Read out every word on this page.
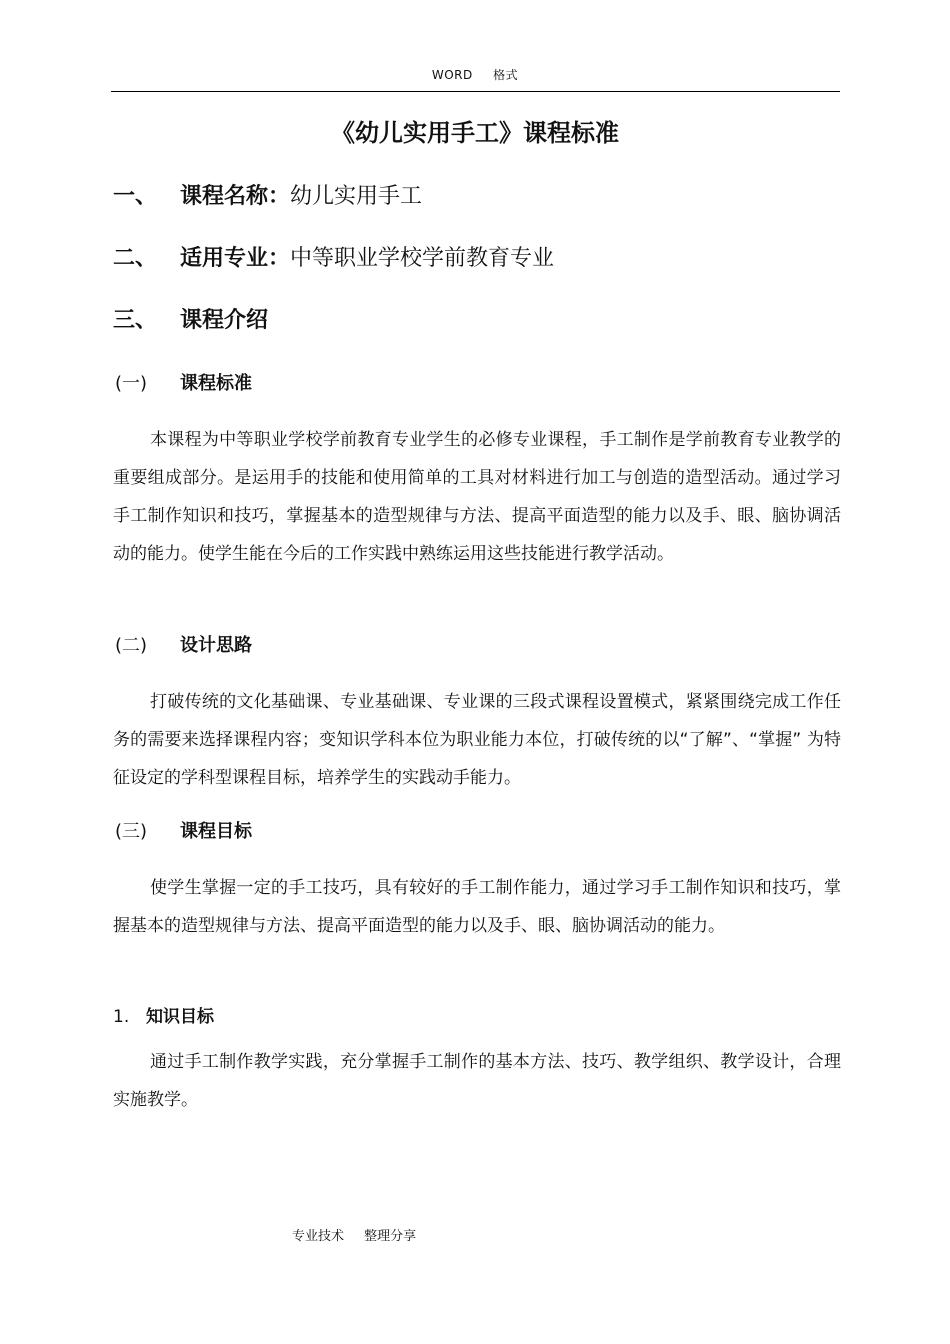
WORD 格式
《幼儿实用手工》课程标准
一、 课程名称：幼儿实用手工
二、 适用专业：中等职业学校学前教育专业
三、 课程介绍
(一) 课程标准
本课程为中等职业学校学前教育专业学生的必修专业课程，手工制作是学前教育专业教学的重要组成部分。是运用手的技能和使用简单的工具对材料进行加工与创造的造型活动。通过学习手工制作知识和技巧，掌握基本的造型规律与方法、提高平面造型的能力以及手、眼、脑协调活动的能力。使学生能在今后的工作实践中熟练运用这些技能进行教学活动。
(二) 设计思路
打破传统的文化基础课、专业基础课、专业课的三段式课程设置模式，紧紧围绕完成工作任务的需要来选择课程内容；变知识学科本位为职业能力本位，打破传统的以“了解”、“掌握” 为特征设定的学科型课程目标，培养学生的实践动手能力。
(三) 课程目标
使学生掌握一定的手工技巧，具有较好的手工制作能力，通过学习手工制作知识和技巧，掌握基本的造型规律与方法、提高平面造型的能力以及手、眼、脑协调活动的能力。
1. 知识目标
通过手工制作教学实践，充分掌握手工制作的基本方法、技巧、教学组织、教学设计，合理实施教学。
专业技术 整理分享
